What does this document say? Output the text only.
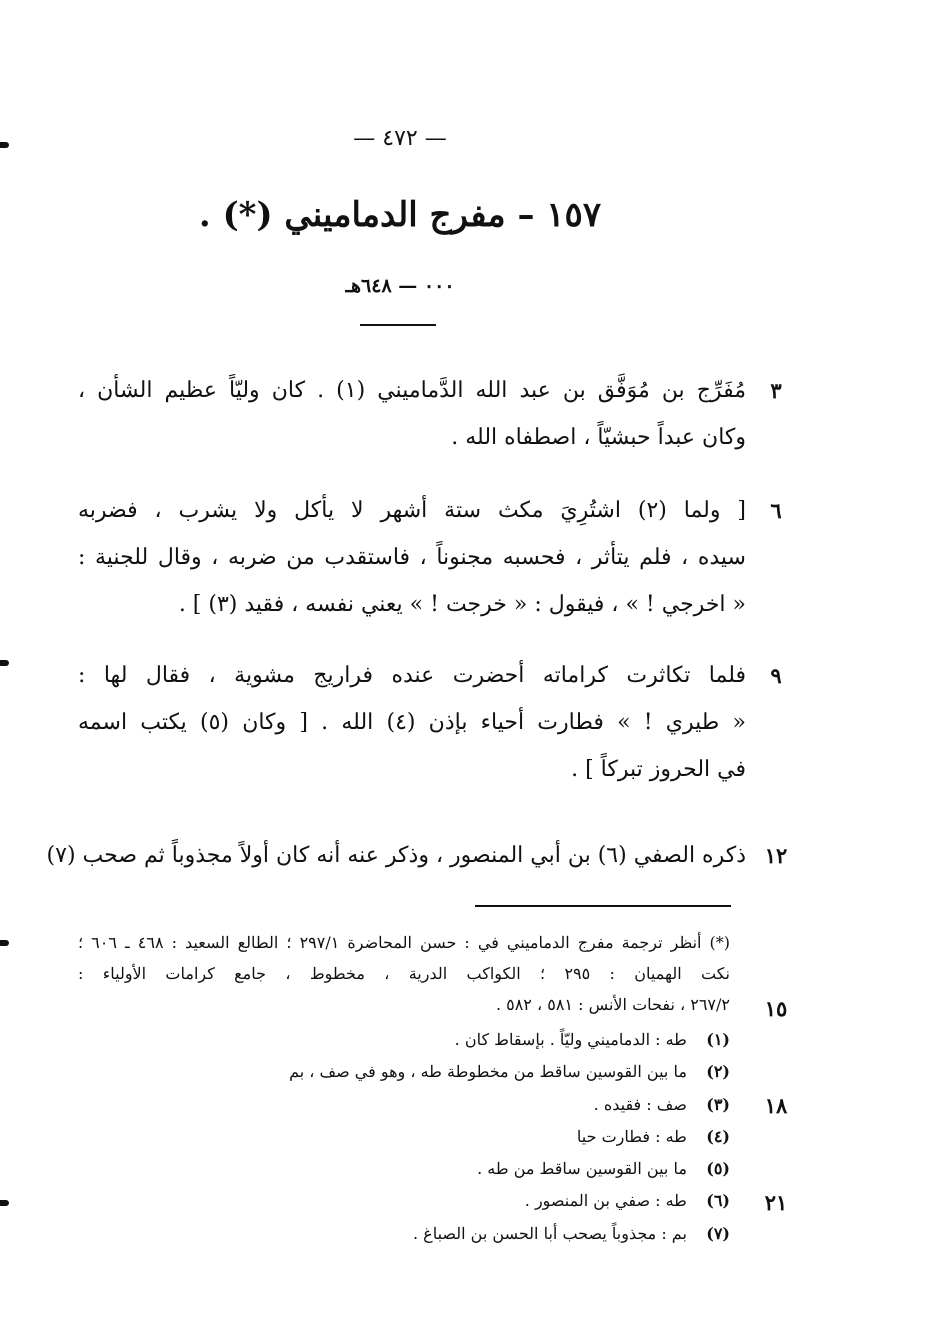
— ٤٧٢ —
١٥٧ – مفرج الدماميني (*) .
٠٠٠ — ٦٤٨هـ
٣
٦
٩
١٢
١٥
١٨
٢١
مُفَرِّج بن مُوَفَّق بن عبد الله الدَّماميني (١) . كان وليّاً عظيم الشأن ،
وكان عبداً حبشيّاً ، اصطفاه الله .
[ ولما (٢) اشتُرِيَ مكث ستة أشهر لا يأكل ولا يشرب ، فضربه
سيده ، فلم يتأثر ، فحسبه مجنوناً ، فاستقدب من ضربه ، وقال للجنية :
« اخرجي ! » ، فيقول : « خرجت ! » يعني نفسه ، فقيد (٣) ] .
فلما تكاثرت كراماته أحضرت عنده فراريج مشوية ، فقال لها :
« طيري ! » فطارت أحياء بإذن (٤) الله . [ وكان (٥) يكتب اسمه
في الحروز تبركاً ] .
ذكره الصفي (٦) بن أبي المنصور ، وذكر عنه أنه كان أولاً مجذوباً ثم صحب (٧)
(*) أنظر ترجمة مفرج الدماميني في : حسن المحاضرة ٢٩٧/١ ؛ الطالع السعيد : ٤٦٨ ـ ٦٠٦ ؛
نكت الهميان : ٢٩٥ ؛ الكواكب الدرية ، مخطوط ، جامع كرامات الأولياء :
٢٦٧/٢ ، نفحات الأنس : ٥٨١ ، ٥٨٢ .
(١) طه : الدماميني وليّاً . بإسقاط كان .
(٢) ما بين القوسين ساقط من مخطوطة طه ، وهو في صف ، بم
(٣) صف : فقيده .
(٤) طه : فطارت حيا
(٥) ما بين القوسين ساقط من طه .
(٦) طه : صفي بن المنصور .
(٧) بم : مجذوباً يصحب أبا الحسن بن الصباغ .
